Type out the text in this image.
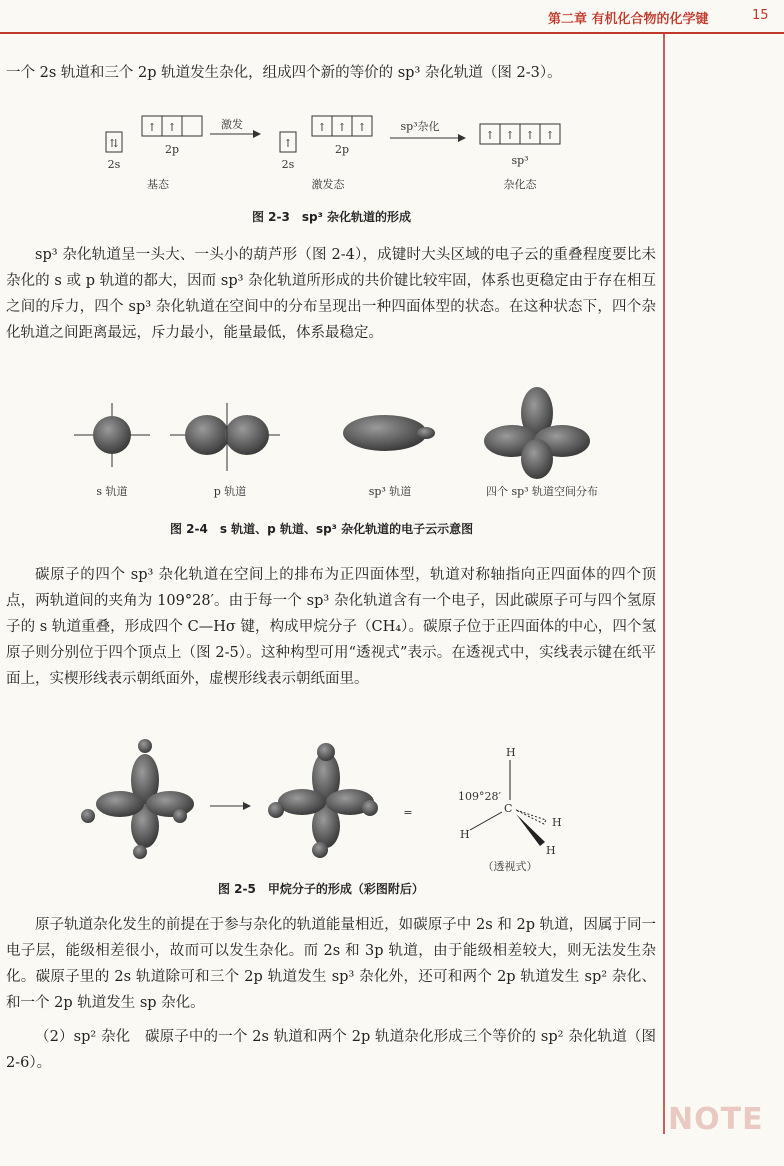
第二章 有机化合物的化学键	15
NOTE

一个 2s 轨道和三个 2p 轨道发生杂化，组成四个新的等价的 sp³ 杂化轨道（图 2-3）。

⇅
↑ ↑
2s
2p
基态
激发
↑
↑ ↑ ↑
2s
2p
激发态
sp³杂化
↑ ↑ ↑ ↑
sp³
杂化态
图 2-3　sp³ 杂化轨道的形成

sp³ 杂化轨道呈一头大、一头小的葫芦形（图 2-4），成键时大头区域的电子云的重叠程度要比未杂化的 s 或 p 轨道的都大，因而 sp³ 杂化轨道所形成的共价键比较牢固，体系也更稳定由于存在相互之间的斥力，四个 sp³ 杂化轨道在空间中的分布呈现出一种四面体型的状态。在这种状态下，四个杂化轨道之间距离最远，斥力最小，能量最低，体系最稳定。

s 轨道	p 轨道	sp³ 轨道	四个 sp³ 轨道空间分布
图 2-4　s 轨道、p 轨道、sp³ 杂化轨道的电子云示意图

碳原子的四个 sp³ 杂化轨道在空间上的排布为正四面体型，轨道对称轴指向正四面体的四个顶点，两轨道间的夹角为 109°28′。由于每一个 sp³ 杂化轨道含有一个电子，因此碳原子可与四个氢原子的 s 轨道重叠，形成四个 C—Hσ 键，构成甲烷分子（CH₄）。碳原子位于正四面体的中心，四个氢原子则分别位于四个顶点上（图 2-5）。这种构型可用“透视式”表示。在透视式中，实线表示键在纸平面上，实楔形线表示朝纸面外，虚楔形线表示朝纸面里。

=
109°28′
C
H
H
H
H
（透视式）
图 2-5　甲烷分子的形成（彩图附后）

原子轨道杂化发生的前提在于参与杂化的轨道能量相近，如碳原子中 2s 和 2p 轨道，因属于同一电子层，能级相差很小，故而可以发生杂化。而 2s 和 3p 轨道，由于能级相差较大，则无法发生杂化。碳原子里的 2s 轨道除可和三个 2p 轨道发生 sp³ 杂化外，还可和两个 2p 轨道发生 sp² 杂化、和一个 2p 轨道发生 sp 杂化。

（2）sp² 杂化　碳原子中的一个 2s 轨道和两个 2p 轨道杂化形成三个等价的 sp² 杂化轨道（图 2-6）。
